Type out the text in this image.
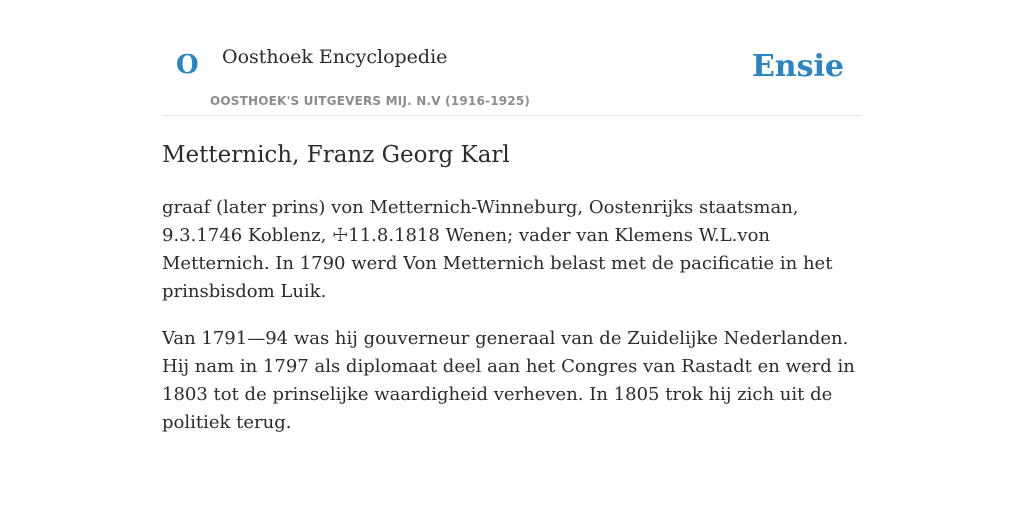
O Oosthoek Encyclopedie
OOSTHOEK'S UITGEVERS MIJ. N.V (1916-1925)
Ensie
Metternich, Franz Georg Karl

graaf (later prins) von Metternich-Winneburg, Oostenrijks staatsman, 9.3.1746 Koblenz, ☩11.8.1818 Wenen; vader van Klemens W.L.von Metternich. In 1790 werd Von Metternich belast met de pacificatie in het prinsbisdom Luik.

Van 1791—94 was hij gouverneur generaal van de Zuidelijke Nederlanden. Hij nam in 1797 als diplomaat deel aan het Congres van Rastadt en werd in 1803 tot de prinselijke waardigheid verheven. In 1805 trok hij zich uit de politiek terug.
